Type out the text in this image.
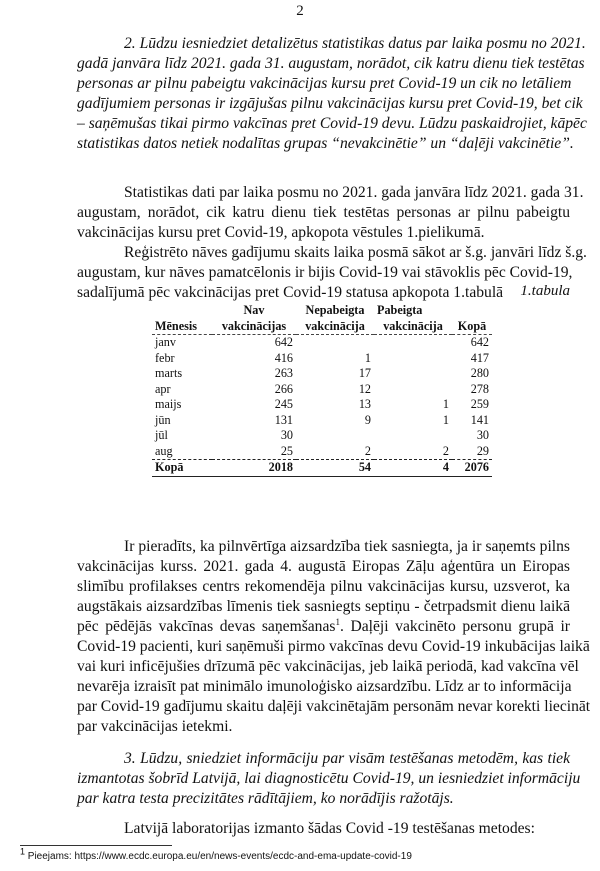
2
2. Lūdzu iesniedziet detalizētus statistikas datus par laika posmu no 2021.
gadā janvāra līdz 2021. gada 31. augustam, norādot, cik katru dienu tiek testētas
personas ar pilnu pabeigtu vakcinācijas kursu pret Covid-19 un cik no letāliem
gadījumiem personas ir izgājušas pilnu vakcinācijas kursu pret Covid-19, bet cik
– saņēmušas tikai pirmo vakcīnas pret Covid-19 devu. Lūdzu paskaidrojiet, kāpēc
statistikas datos netiek nodalītas grupas “nevakcinētie” un “daļēji vakcinētie”.
Statistikas dati par laika posmu no 2021. gada janvāra līdz 2021. gada 31.
augustam, norādot, cik katru dienu tiek testētas personas ar pilnu pabeigtu
vakcinācijas kursu pret Covid-19, apkopota vēstules 1.pielikumā.
Reģistrēto nāves gadījumu skaits laika posmā sākot ar š.g. janvāri līdz š.g.
augustam, kur nāves pamatcēlonis ir bijis Covid-19 vai stāvoklis pēc Covid-19,
sadalījumā pēc vakcinācijas pret Covid-19 statusa apkopota 1.tabulā	1.tabula
	Nav	Nepabeigta	Pabeigta	
Mēnesis	vakcinācijas	vakcinācija	vakcinācija	Kopā
janv	642			642
febr	416	1		417
marts	263	17		280
apr	266	12		278
maijs	245	13	1	259
jūn	131	9	1	141
jūl	30			30
aug	25	2	2	29
Kopā	2018	54	4	2076
Ir pieradīts, ka pilnvērtīga aizsardzība tiek sasniegta, ja ir saņemts pilns
vakcinācijas kurss. 2021. gada 4. augustā Eiropas Zāļu aģentūra un Eiropas
slimību profilakses centrs rekomendēja pilnu vakcinācijas kursu, uzsverot, ka
augstākais aizsardzības līmenis tiek sasniegts septiņu - četrpadsmit dienu laikā
pēc pēdējās vakcīnas devas saņemšanas$^1$. Daļēji vakcinēto personu grupā ir
Covid-19 pacienti, kuri saņēmuši pirmo vakcīnas devu Covid-19 inkubācijas laikā
vai kuri inficējušies drīzumā pēc vakcinācijas, jeb laikā periodā, kad vakcīna vēl
nevarēja izraisīt pat minimālo imunoloģisko aizsardzību. Līdz ar to informācija
par Covid-19 gadījumu skaitu daļēji vakcinētajām personām nevar korekti liecināt
par vakcinācijas ietekmi.
3. Lūdzu, sniedziet informāciju par visām testēšanas metodēm, kas tiek
izmantotas šobrīd Latvijā, lai diagnosticētu Covid-19, un iesniedziet informāciju
par katra testa precizitātes rādītājiem, ko norādījis ražotājs.
Latvijā laboratorijas izmanto šādas Covid -19 testēšanas metodes:
$^1$ Pieejams: https://www.ecdc.europa.eu/en/news-events/ecdc-and-ema-update-covid-19
